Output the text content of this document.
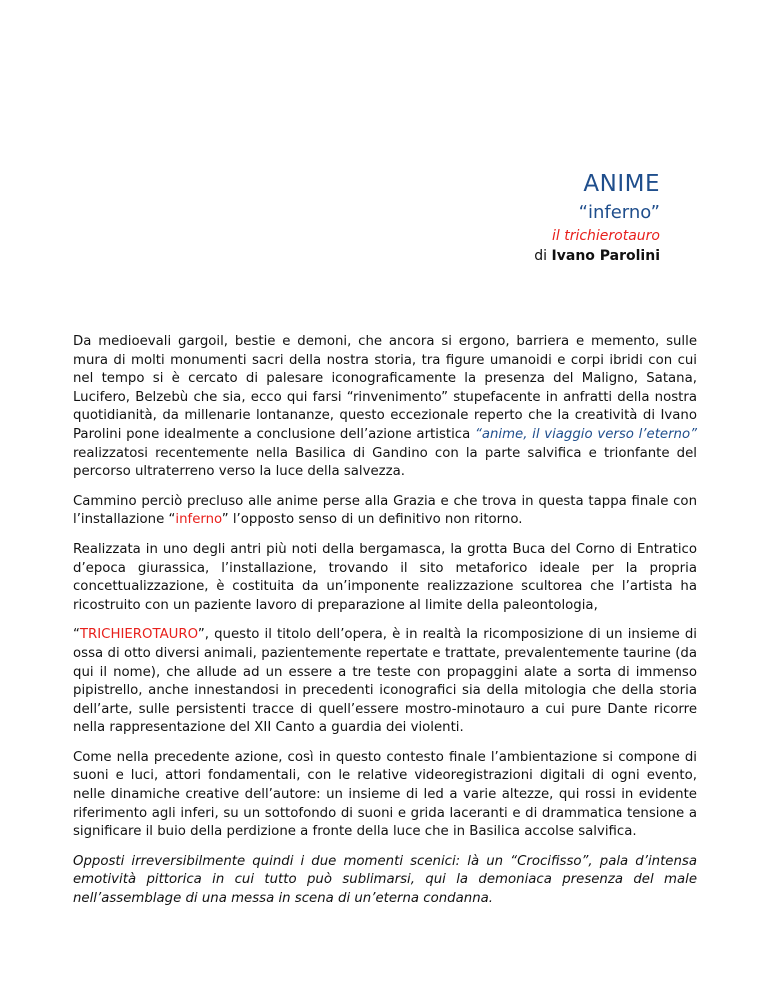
ANIME
“inferno”
il trichierotauro
di Ivano Parolini

Da medioevali gargoil, bestie e demoni, che ancora si ergono, barriera e memento, sulle mura di molti monumenti sacri della nostra storia, tra figure umanoidi e corpi ibridi con cui nel tempo si è cercato di palesare iconograficamente la presenza del Maligno, Satana, Lucifero, Belzebù che sia, ecco qui farsi “rinvenimento” stupefacente in anfratti della nostra quotidianità, da millenarie lontananze, questo eccezionale reperto che la creatività di Ivano Parolini pone idealmente a conclusione dell’azione artistica “anime, il viaggio verso l’eterno” realizzatosi recentemente nella Basilica di Gandino con la parte salvifica e trionfante del percorso ultraterreno verso la luce della salvezza.

Cammino perciò precluso alle anime perse alla Grazia e che trova in questa tappa finale con l’installazione “inferno” l’opposto senso di un definitivo non ritorno.

Realizzata in uno degli antri più noti della bergamasca, la grotta Buca del Corno di Entratico d’epoca giurassica, l’installazione, trovando il sito metaforico ideale per la propria concettualizzazione, è costituita da un’imponente realizzazione scultorea che l’artista ha ricostruito con un paziente lavoro di preparazione al limite della paleontologia,

“TRICHIEROTAURO”, questo il titolo dell’opera, è in realtà la ricomposizione di un insieme di ossa di otto diversi animali, pazientemente repertate e trattate, prevalentemente taurine (da qui il nome), che allude ad un essere a tre teste con propaggini alate a sorta di immenso pipistrello, anche innestandosi in precedenti iconografici sia della mitologia che della storia dell’arte, sulle persistenti tracce di quell’essere mostro-minotauro a cui pure Dante ricorre nella rappresentazione del XII Canto a guardia dei violenti.

Come nella precedente azione, così in questo contesto finale l’ambientazione si compone di suoni e luci, attori fondamentali, con le relative videoregistrazioni digitali di ogni evento, nelle dinamiche creative dell’autore: un insieme di led a varie altezze, qui rossi in evidente riferimento agli inferi, su un sottofondo di suoni e grida laceranti e di drammatica tensione a significare il buio della perdizione a fronte della luce che in Basilica accolse salvifica.

Opposti irreversibilmente quindi i due momenti scenici: là un “Crocifisso”, pala d’intensa emotività pittorica in cui tutto può sublimarsi, qui la demoniaca presenza del male nell’assemblage di una messa in scena di un’eterna condanna.
